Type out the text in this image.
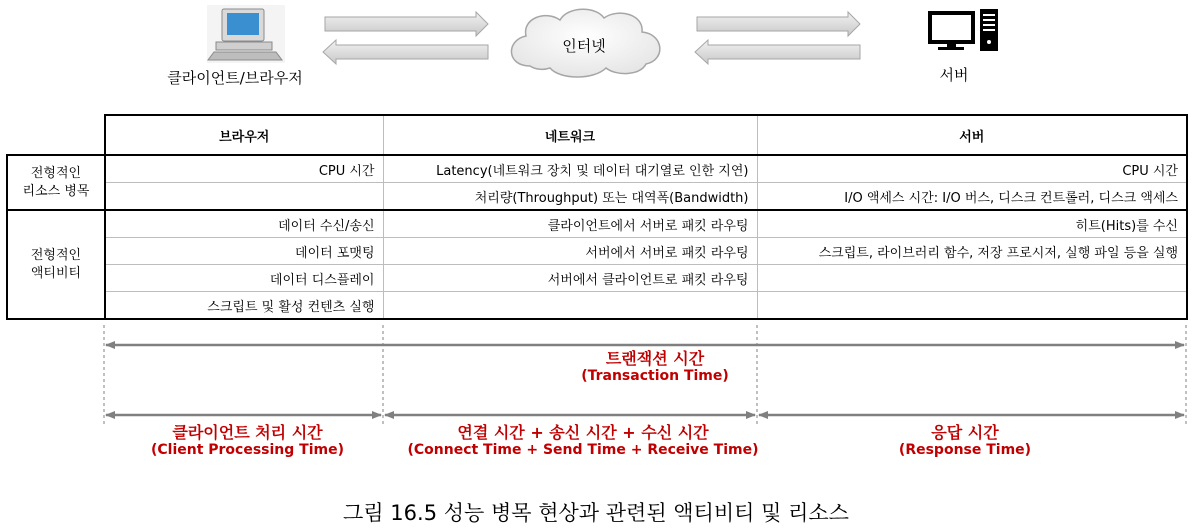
클라이언트/브라우저
인터넷
서버
	브라우저	네트워크	서버
전형적인
리소스 병목	CPU 시간	Latency(네트워크 장치 및 데이터 대기열로 인한 지연)	CPU 시간
		처리량(Throughput) 또는 대역폭(Bandwidth)	I/O 액세스 시간: I/O 버스, 디스크 컨트롤러, 디스크 액세스
전형적인
액티비티	데이터 수신/송신	클라이언트에서 서버로 패킷 라우팅	히트(Hits)를 수신
	데이터 포맷팅	서버에서 서버로 패킷 라우팅	스크립트, 라이브러리 함수, 저장 프로시저, 실행 파일 등을 실행
	데이터 디스플레이	서버에서 클라이언트로 패킷 라우팅	
	스크립트 및 활성 컨텐츠 실행		
트랜잭션 시간
(Transaction Time)
클라이언트 처리 시간
(Client Processing Time)
연결 시간 + 송신 시간 + 수신 시간
(Connect Time + Send Time + Receive Time)
응답 시간
(Response Time)
그림 16.5 성능 병목 현상과 관련된 액티비티 및 리소스
